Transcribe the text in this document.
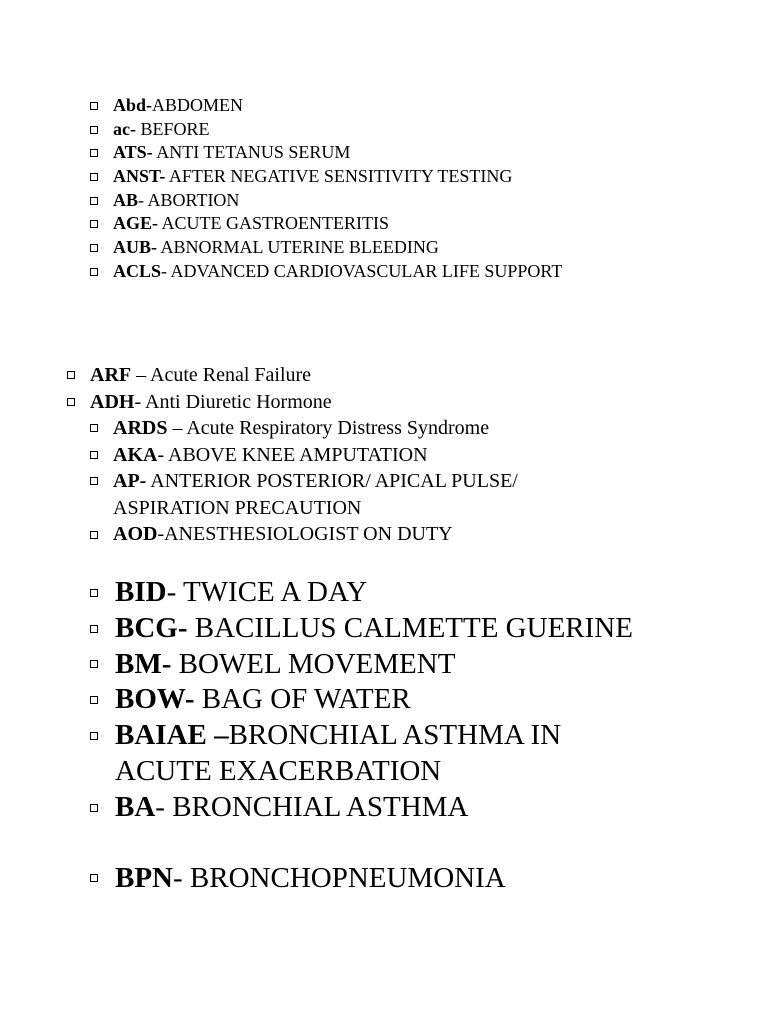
Abd-ABDOMEN
ac- BEFORE
ATS- ANTI TETANUS SERUM
ANST- AFTER NEGATIVE SENSITIVITY TESTING
AB- ABORTION
AGE- ACUTE GASTROENTERITIS
AUB- ABNORMAL UTERINE BLEEDING
ACLS- ADVANCED CARDIOVASCULAR LIFE SUPPORT
ARF – Acute Renal Failure
ADH- Anti Diuretic Hormone
ARDS – Acute Respiratory Distress Syndrome
AKA- ABOVE KNEE AMPUTATION
AP- ANTERIOR POSTERIOR/ APICAL PULSE/ ASPIRATION PRECAUTION
AOD-ANESTHESIOLOGIST ON DUTY
BID- TWICE A DAY
BCG- BACILLUS CALMETTE GUERINE
BM- BOWEL MOVEMENT
BOW- BAG OF WATER
BAIAE –BRONCHIAL ASTHMA IN ACUTE EXACERBATION
BA- BRONCHIAL ASTHMA
BPN- BRONCHOPNEUMONIA
